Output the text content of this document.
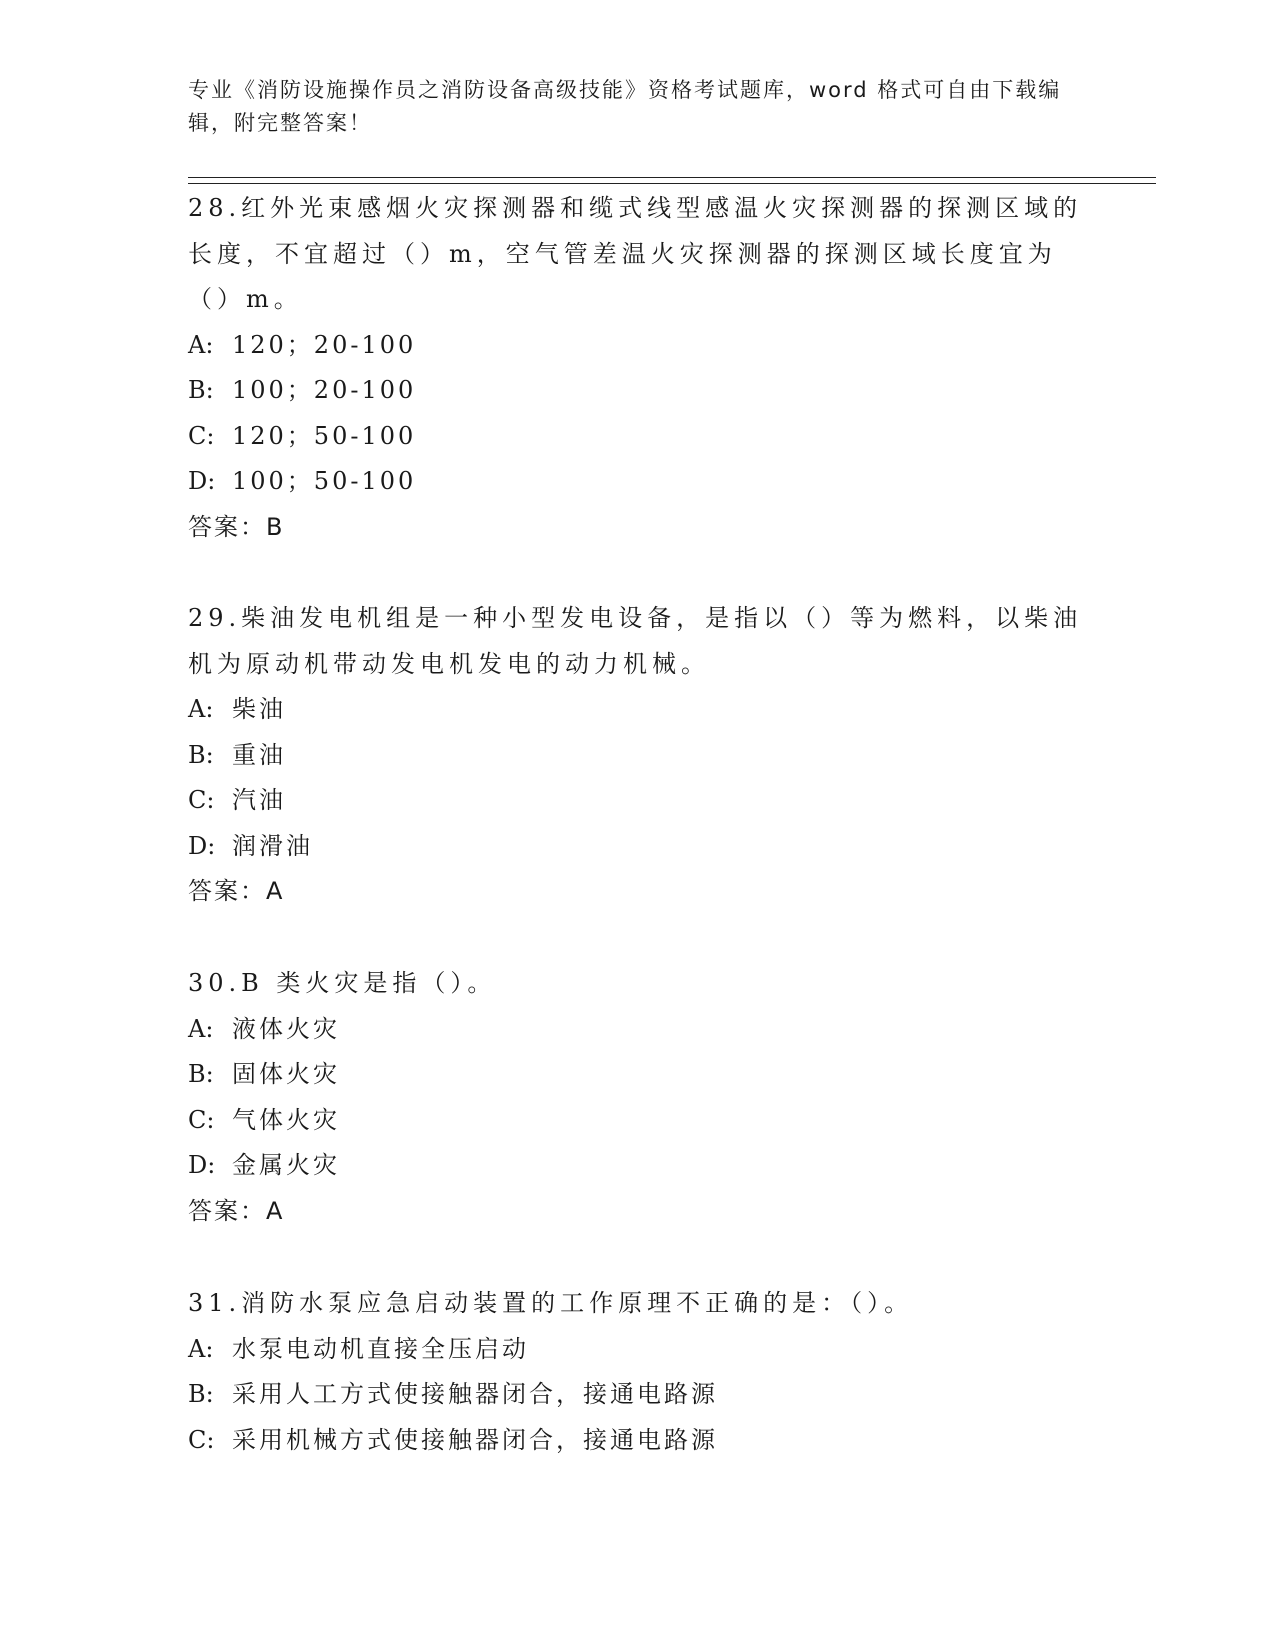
专业《消防设施操作员之消防设备高级技能》资格考试题库，word 格式可自由下载编辑，附完整答案！

28.红外光束感烟火灾探测器和缆式线型感温火灾探测器的探测区域的长度，不宜超过（）m，空气管差温火灾探测器的探测区域长度宜为（）m。

A: 120；20-100

B: 100；20-100

C: 120；50-100

D: 100；50-100

答案：B

29.柴油发电机组是一种小型发电设备，是指以（）等为燃料，以柴油机为原动机带动发电机发电的动力机械。

A: 柴油

B: 重油

C: 汽油

D: 润滑油

答案：A

30.B 类火灾是指（）。

A: 液体火灾

B: 固体火灾

C: 气体火灾

D: 金属火灾

答案：A

31.消防水泵应急启动装置的工作原理不正确的是：（）。

A: 水泵电动机直接全压启动

B: 采用人工方式使接触器闭合，接通电路源

C: 采用机械方式使接触器闭合，接通电路源
